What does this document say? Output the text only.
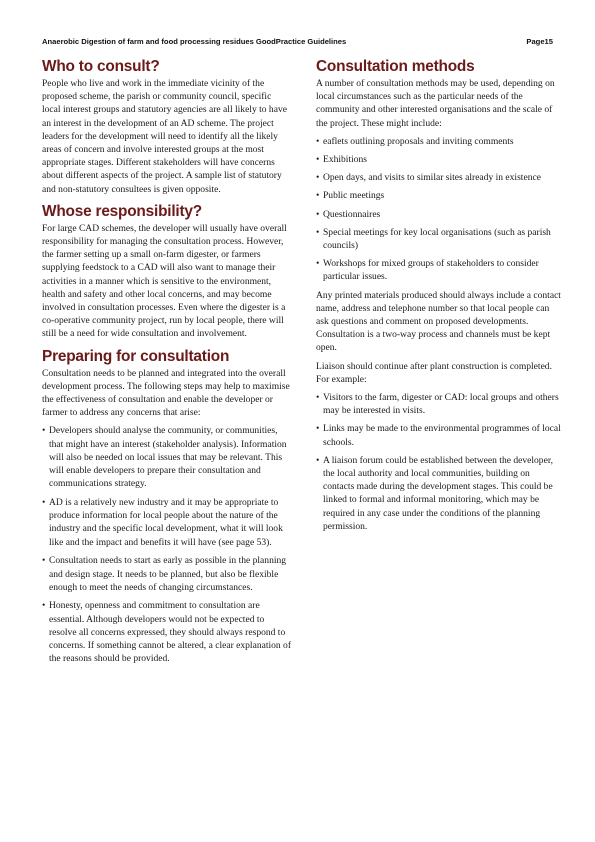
Anaerobic Digestion of farm and food processing residues GoodPractice Guidelines	Page15
Who to consult?

People who live and work in the immediate vicinity of the proposed scheme, the parish or community council, specific local interest groups and statutory agencies are all likely to have an interest in the development of an AD scheme. The project leaders for the development will need to identify all the likely areas of concern and involve interested groups at the most appropriate stages. Different stakeholders will have concerns about different aspects of the project. A sample list of statutory and non-statutory consultees is given opposite.

Whose responsibility?

For large CAD schemes, the developer will usually have overall responsibility for managing the consultation process. However, the farmer setting up a small on-farm digester, or farmers supplying feedstock to a CAD will also want to manage their activities in a manner which is sensitive to the environment, health and safety and other local concerns, and may become involved in consultation processes. Even where the digester is a co-operative community project, run by local people, there will still be a need for wide consultation and involvement.

Preparing for consultation

Consultation needs to be planned and integrated into the overall development process. The following steps may help to maximise the effectiveness of consultation and enable the developer or farmer to address any concerns that arise:

• Developers should analyse the community, or communities, that might have an interest (stakeholder analysis). Information will also be needed on local issues that may be relevant. This will enable developers to prepare their consultation and communications strategy.
• AD is a relatively new industry and it may be appropriate to produce information for local people about the nature of the industry and the specific local development, what it will look like and the impact and benefits it will have (see page 53).
• Consultation needs to start as early as possible in the planning and design stage. It needs to be planned, but also be flexible enough to meet the needs of changing circumstances.
• Honesty, openness and commitment to consultation are essential. Although developers would not be expected to resolve all concerns expressed, they should always respond to concerns. If something cannot be altered, a clear explanation of the reasons should be provided.
Consultation methods

A number of consultation methods may be used, depending on local circumstances such as the particular needs of the community and other interested organisations and the scale of the project. These might include:

• eaflets outlining proposals and inviting comments
• Exhibitions
• Open days, and visits to similar sites already in existence
• Public meetings
• Questionnaires
• Special meetings for key local organisations (such as parish councils)
• Workshops for mixed groups of stakeholders to consider particular issues.

Any printed materials produced should always include a contact name, address and telephone number so that local people can ask questions and comment on proposed developments. Consultation is a two-way process and channels must be kept open.

Liaison should continue after plant construction is completed. For example:

• Visitors to the farm, digester or CAD: local groups and others may be interested in visits.
• Links may be made to the environmental programmes of local schools.
• A liaison forum could be established between the developer, the local authority and local communities, building on contacts made during the development stages. This could be linked to formal and informal monitoring, which may be required in any case under the conditions of the planning permission.
